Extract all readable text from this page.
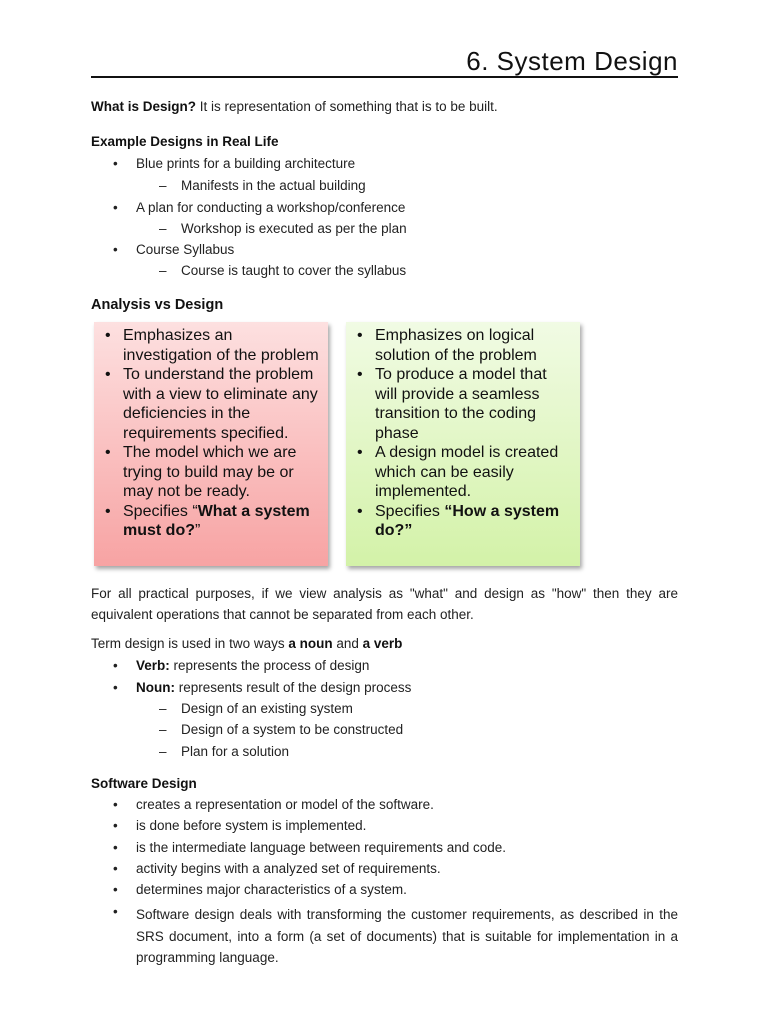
6. System Design
What is Design? It is representation of something that is to be built.
Example Designs in Real Life
• Blue prints for a building architecture
– Manifests in the actual building
• A plan for conducting a workshop/conference
– Workshop is executed as per the plan
• Course Syllabus
– Course is taught to cover the syllabus
Analysis vs Design
• Emphasizes an investigation of the problem
• To understand the problem with a view to eliminate any deficiencies in the requirements specified.
• The model which we are trying to build may be or may not be ready.
• Specifies “What a system must do?”
• Emphasizes on logical solution of the problem
• To produce a model that will provide a seamless transition to the coding phase
• A design model is created which can be easily implemented.
• Specifies “How a system do?”
For all practical purposes, if we view analysis as "what" and design as "how" then they are equivalent operations that cannot be separated from each other.
Term design is used in two ways a noun and a verb
• Verb: represents the process of design
• Noun: represents result of the design process
– Design of an existing system
– Design of a system to be constructed
– Plan for a solution
Software Design
• creates a representation or model of the software.
• is done before system is implemented.
• is the intermediate language between requirements and code.
• activity begins with a analyzed set of requirements.
• determines major characteristics of a system.
• Software design deals with transforming the customer requirements, as described in the SRS document, into a form (a set of documents) that is suitable for implementation in a programming language.
